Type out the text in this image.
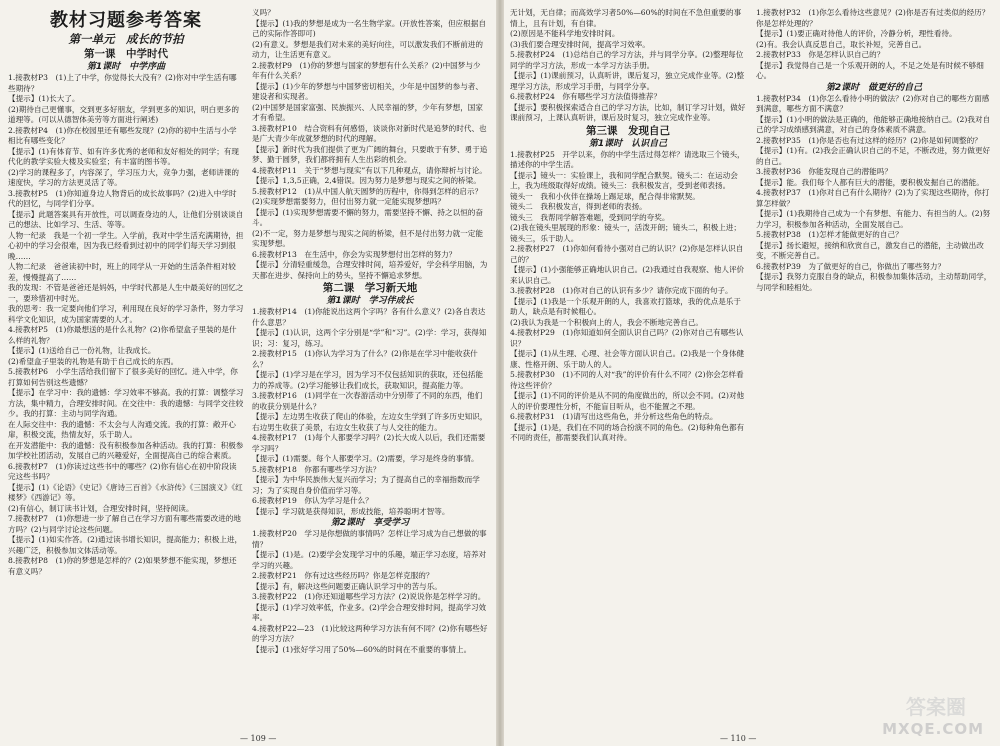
教材习题参考答案
第一单元　成长的节拍
第一课　中学时代
第1课时　中学序曲

1.接教材P3　(1)上了中学，你觉得长大没有？(2)你对中学生活有哪些期待？

【提示】(1)长大了。

(2)期待自己更懂事，交到更多好朋友，学到更多的知识，明白更多的道理等。(可以从德智体美劳等方面进行阐述)

2.接教材P4　(1)你在校园里还有哪些发现？(2)你的初中生活与小学相比有哪些变化？

【提示】(1)有体育节、如有许多优秀的老师和友好相处的同学；有现代化的教学实验大楼及实验室；有丰富的图书等。

(2)学习的课程多了，内容深了，学习压力大，竞争力强，老师讲课的速度快，学习的方法更灵活了等。

3.接教材P5　(1)你知道身边人物背后的成长故事吗？(2)进入中学时代的回忆，与同学们分享。

【提示】此题答案具有开放性，可以调查身边的人，让他们分别谈谈自己的想法、比如学习、生活、等等。

人物一纪录　我是一个初一学生。入学前，我对中学生活充满期待，担心初中的学习会很难，因为我已经看到过初中的同学们每天学习到很晚……

人物二纪录　爸爸读初中时，班上的同学从一开始的生活条件相对较差，慢慢提高了……

我的发现：不管是爸爸还是妈妈，中学时代都是人生中最美好的回忆之一，要珍惜初中时光。

我的思考：我一定要向他们学习，利用现在良好的学习条件，努力学习科学文化知识，成为国家需要的人才。

4.接教材P5　(1)你最想送的是什么礼物？(2)你希望盒子里装的是什么样的礼物？

【提示】(1)送给自己一份礼物，让我成长。

(2)希望盒子里装的礼物是有助于自己成长的东西。

5.接教材P6　小学生活给我们留下了很多美好的回忆。进入中学，你打算如何告别这些遗憾？

【提示】在学习中：我的遗憾：学习效率不够高。我的打算：调整学习方法，集中精力，合理安排时间。在交往中：我的遗憾：与同学交往较少。我的打算：主动与同学沟通。

在人际交往中：我的遗憾：不太会与人沟通交流。我的打算：敞开心扉，积极交流，热情友好，乐于助人。

在开发潜能中：我的遗憾：没有积极参加各种活动。我的打算：积极参加学校社团活动，发展自己的兴趣爱好，全面提高自己的综合素质。

6.接教材P7　(1)你读过这些书中的哪些？(2)你有信心在初中阶段读完这些书吗？

【提示】(1)《论语》《史记》《唐诗三百首》《水浒传》《三国演义》《红楼梦》《西游记》等。

(2)有信心，制订读书计划，合理安排时间，坚持阅读。

7.接教材P7　(1)你想进一步了解自己在学习方面有哪些需要改进的地方吗？(2)与同学讨论这些问题。

【提示】(1)如实作答。(2)通过读书增长知识，提高能力；积极上进，兴趣广泛，积极参加文体活动等。

8.接教材P8　(1)你的梦想是怎样的？(2)如果梦想不能实现，梦想还有意义吗？

义吗？

【提示】(1)我的梦想是成为一名生物学家。(开放性答案，但应根据自己的实际作答即可)

(2)有意义。梦想是我们对未来的美好向往，可以激发我们不断前进的动力，让生活更有意义。

2.接教材P9　(1)你的梦想与国家的梦想有什么关系？(2)中国梦与少年有什么关系？

【提示】(1)少年的梦想与中国梦密切相关，少年是中国梦的参与者、建设者和实现者。

(2)中国梦是国家富强、民族振兴、人民幸福的梦，少年有梦想，国家才有希望。

3.接教材P10　结合资料有何感悟，谈谈你对新时代是追梦的时代、也是广大青少年成就梦想的时代的理解。

【提示】新时代为我们提供了更为广阔的舞台，只要敢于有梦、勇于追梦、勤于圆梦，我们都将拥有人生出彩的机会。

4.接教材P11　关于“梦想与现实”有以下几种观点，请你辩析与讨论。

【提示】1,3,5正确，2,4错误。因为努力是梦想与现实之间的桥梁。

5.接教材P12　(1)从中国人航天圆梦的历程中，你得到怎样的启示？(2)实现梦想需要努力，但付出努力就一定能实现梦想吗？

【提示】(1)实现梦想需要不懈的努力，需要坚持不懈、持之以恒的奋斗。

(2)不一定，努力是梦想与现实之间的桥梁，但不是付出努力就一定能实现梦想。

6.接教材P13　在生活中，你会为实现梦想付出怎样的努力？

【提示】分清轻重缓急，合理安排时间，培养爱好，学会科学用脑，为天都在进步、保持向上的势头，坚持不懈追求梦想。

第二课　学习新天地
第1课时　学习伴成长

1.接教材P14　(1)你能说出这两个字吗？各有什么意义？(2)各自表达什么意思？

【提示】(1)认识，这两个字分别是“学”和“习”。(2)学：学习，获得知识；习：复习，练习。

2.接教材P15　(1)你认为学习为了什么？(2)你是在学习中能收获什么？

【提示】(1)学习是在学习，因为学习不仅包括知识的获取，还包括能力的养成等。(2)学习能够让我们成长，获取知识，提高能力等。

3.接教材P16　(1)同学在一次春游活动中分别带了不同的东西，他们的收获分别是什么？

【提示】左边男生收获了爬山的体验，左边女生学到了许多历史知识，右边男生收获了美景，右边女生收获了与人交往的能力。

4.接教材P17　(1)每个人都要学习吗？(2)长大成人以后，我们还需要学习吗？

【提示】(1)需要。每个人都要学习。(2)需要，学习是终身的事情。

5.接教材P18　你都有哪些学习方法？

【提示】为中华民族伟大复兴而学习；为了提高自己的幸福指数而学习；为了实现自身价值而学习等。

6.接教材P19　你认为学习是什么？

【提示】学习就是获得知识，形成技能，培养聪明才智等。

第2课时　享受学习

1.接教材P20　学习是你想做的事情吗？怎样让学习成为自己想做的事情？

【提示】(1)是。(2)要学会发现学习中的乐趣，端正学习态度，培养对学习的兴趣。

2.接教材P21　你有过这些经历吗？你是怎样克服的？

【提示】有，解决这些问题要正确认识学习中的苦与乐。

3.接教材P22　(1)你还知道哪些学习方法？(2)说说你是怎样学习的。

【提示】(1)学习效率低，作业多。(2)学会合理安排时间，提高学习效率。

4.接教材P22—23　(1)比较这两种学习方法有何不同？(2)你有哪些好的学习方法？

【提示】(1)张好学习用了50%—60%的时间在不重要的事情上。

— 109 —

无计划，无自律；而高效学习者50%—60%的时间在不急但重要的事情上，且有计划，有自律。

(2)原因是不能科学地安排时间。

(3)我们要合理安排时间，提高学习效率。

5.接教材P24　(1)总结自己的学习方法，并与同学分享。(2)整理每位同学的学习方法，形成一本学习方法手册。

【提示】(1)课前预习，认真听讲，课后复习，独立完成作业等。(2)整理学习方法，形成学习手册，与同学分享。

6.接教材P24　你有哪些学习方法值得推荐？

【提示】要积极探索适合自己的学习方法，比如，制订学习计划，做好课前预习，上课认真听讲，课后及时复习，独立完成作业等。

第三课　发现自己
第1课时　认识自己

1.接教材P25　开学以来，你的中学生活过得怎样？请选取三个镜头，描述你的中学生活。

【提示】镜头一：实验课上，我和同学配合默契。镜头二：在运动会上，我为班级取得好成绩。镜头三：我积极发言，受到老师表扬。

镜头一　我和小伙伴在操场上踢足球，配合得非常默契。

镜头二　我积极发言，得到老师的表扬。

镜头三　我帮同学解答难题，受到同学的夸奖。

(2)我在镜头里展现的形象：镜头一，活泼开朗；镜头二，积极上进；镜头三，乐于助人。

2.接教材P27　(1)你如何看待小强对自己的认识？(2)你是怎样认识自己的？

【提示】(1)小强能够正确地认识自己。(2)我通过自我观察、他人评价来认识自己。

3.接教材P28　(1)你对自己的认识有多少？请你完成下面的句子。

【提示】(1)我是一个乐观开朗的人，我喜欢打篮球，我的优点是乐于助人，缺点是有时候粗心。

(2)我认为我是一个积极向上的人，我会不断地完善自己。

4.接教材P29　(1)你知道如何全面认识自己吗？(2)你对自己有哪些认识？

【提示】(1)从生理、心理、社会等方面认识自己。(2)我是一个身体健康、性格开朗、乐于助人的人。

5.接教材P30　(1)不同的人对“我”的评价有什么不同？(2)你会怎样看待这些评价？

【提示】(1)不同的评价是从不同的角度做出的，所以会不同。(2)对他人的评价要理性分析，不能盲目听从，也不能置之不理。

6.接教材P31　(1)请写出这些角色，并分析这些角色的特点。

【提示】(1)是，我们在不同的场合扮演不同的角色。(2)每种角色都有不同的责任，都需要我们认真对待。

1.接教材P32　(1)你怎么看待这些意见？(2)你是否有过类似的经历？你是怎样处理的？

【提示】(1)要正确对待他人的评价，冷静分析，理性看待。

(2)有。我会认真反思自己，取长补短，完善自己。

2.接教材P33　你是怎样认识自己的？

【提示】我觉得自己是一个乐观开朗的人，不足之处是有时候不够细心。

第2课时　做更好的自己

1.接教材P34　(1)你怎么看待小明的做法？(2)你对自己的哪些方面感到满意，哪些方面不满意？

【提示】(1)小明的做法是正确的，他能够正确地接纳自己。(2)我对自己的学习成绩感到满意，对自己的身体素质不满意。

2.接教材P35　(1)你是否也有过这样的经历？(2)你是如何调整的？

【提示】(1)有。(2)我会正确认识自己的不足，不断改进，努力做更好的自己。

3.接教材P36　你能发现自己的潜能吗？

【提示】能。我们每个人都有巨大的潜能，要积极发掘自己的潜能。

4.接教材P37　(1)你对自己有什么期待？(2)为了实现这些期待，你打算怎样做？

【提示】(1)我期待自己成为一个有梦想、有能力、有担当的人。(2)努力学习，积极参加各种活动，全面发展自己。

5.接教材P38　(1)怎样才能做更好的自己？

【提示】扬长避短，接纳和欣赏自己，激发自己的潜能，主动做出改变，不断完善自己。

6.接教材P39　为了做更好的自己，你做出了哪些努力？

【提示】我努力克服自身的缺点，积极参加集体活动，主动帮助同学，与同学和睦相处。

— 110 —
答案圈
MXQE.COM
